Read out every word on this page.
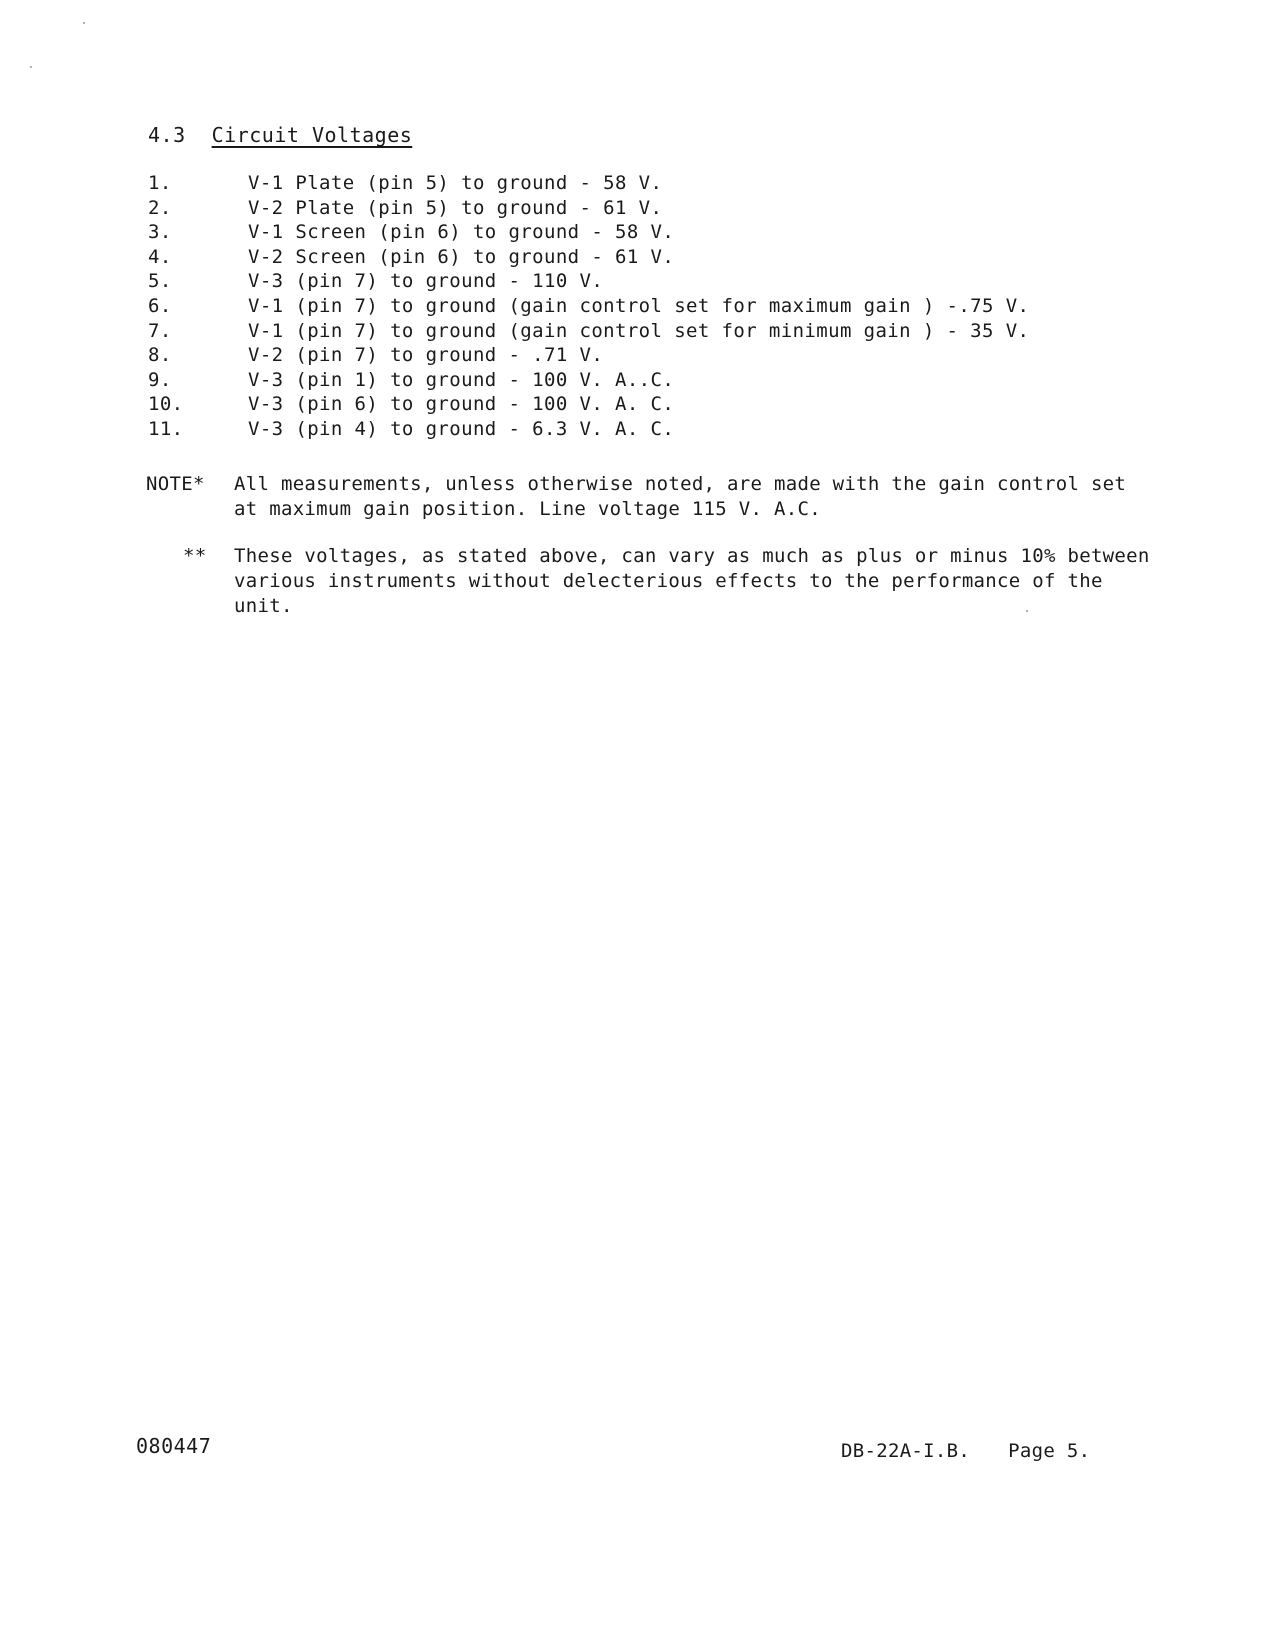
4.3 Circuit Voltages
1.	V-1 Plate (pin 5) to ground - 58 V.
2.	V-2 Plate (pin 5) to ground - 61 V.
3.	V-1 Screen (pin 6) to ground - 58 V.
4.	V-2 Screen (pin 6) to ground - 61 V.
5.	V-3 (pin 7) to ground - 110 V.
6.	V-1 (pin 7) to ground (gain control set for maximum gain ) -.75 V.
7.	V-1 (pin 7) to ground (gain control set for minimum gain ) - 35 V.
8.	V-2 (pin 7) to ground - .71 V.
9.	V-3 (pin 1) to ground - 100 V. A..C.
10.	V-3 (pin 6) to ground - 100 V. A. C.
11.	V-3 (pin 4) to ground - 6.3 V. A. C.
NOTE*	All measurements, unless otherwise noted, are made with the gain control set at maximum gain position. Line voltage 115 V. A.C.
**	These voltages, as stated above, can vary as much as plus or minus 10% between various instruments without delecterious effects to the performance of the unit.
080447	DB-22A-I.B. Page 5.
